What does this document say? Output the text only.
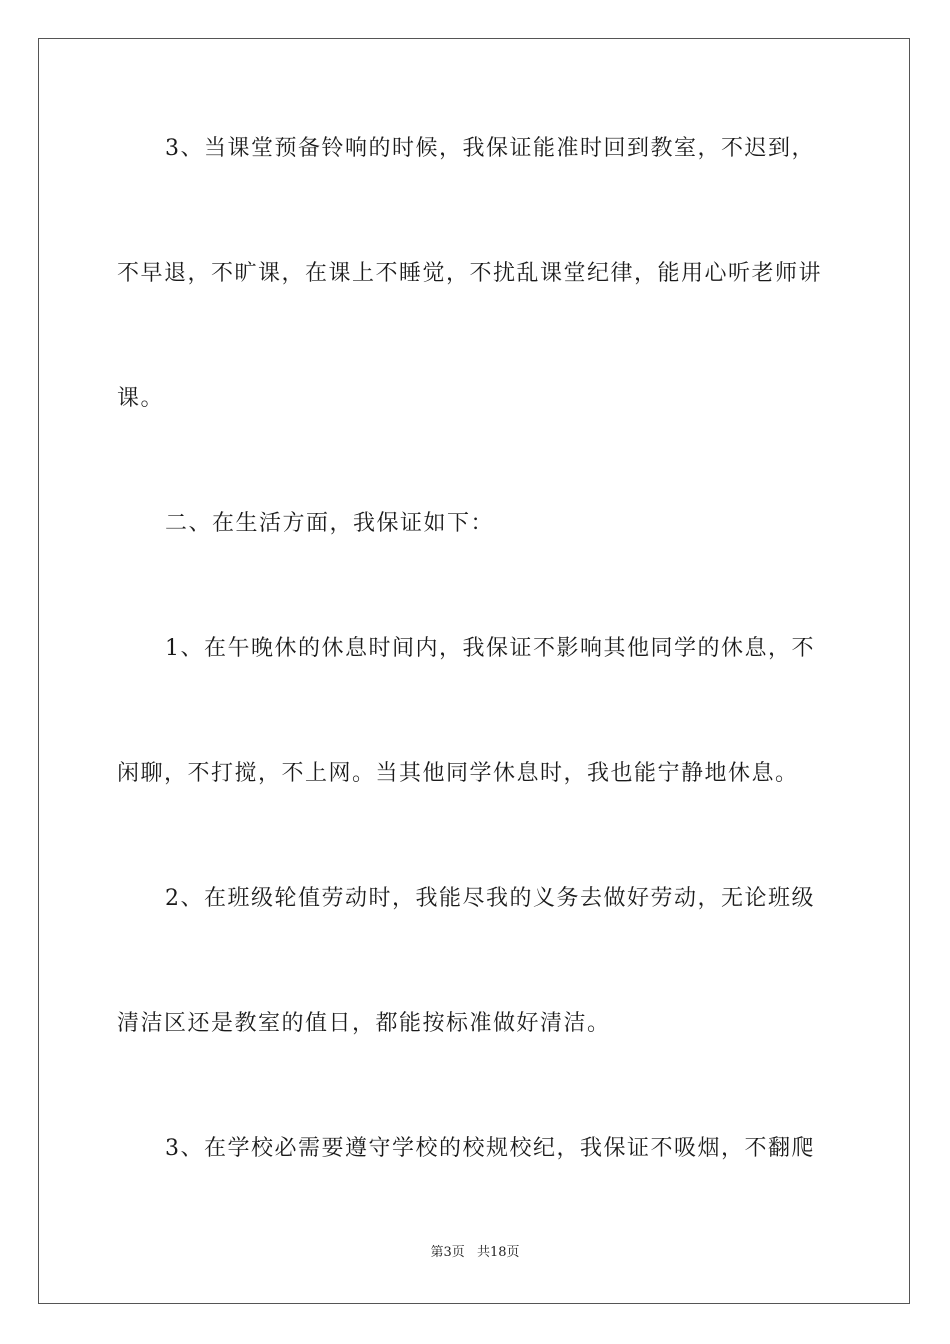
3、当课堂预备铃响的时候，我保证能准时回到教室，不迟到，
不早退，不旷课，在课上不睡觉，不扰乱课堂纪律，能用心听老师讲
课。
二、在生活方面，我保证如下：
1、在午晚休的休息时间内，我保证不影响其他同学的休息，不
闲聊，不打搅，不上网。当其他同学休息时，我也能宁静地休息。
2、在班级轮值劳动时，我能尽我的义务去做好劳动，无论班级
清洁区还是教室的值日，都能按标准做好清洁。
3、在学校必需要遵守学校的校规校纪，我保证不吸烟，不翻爬
第3页 共18页
